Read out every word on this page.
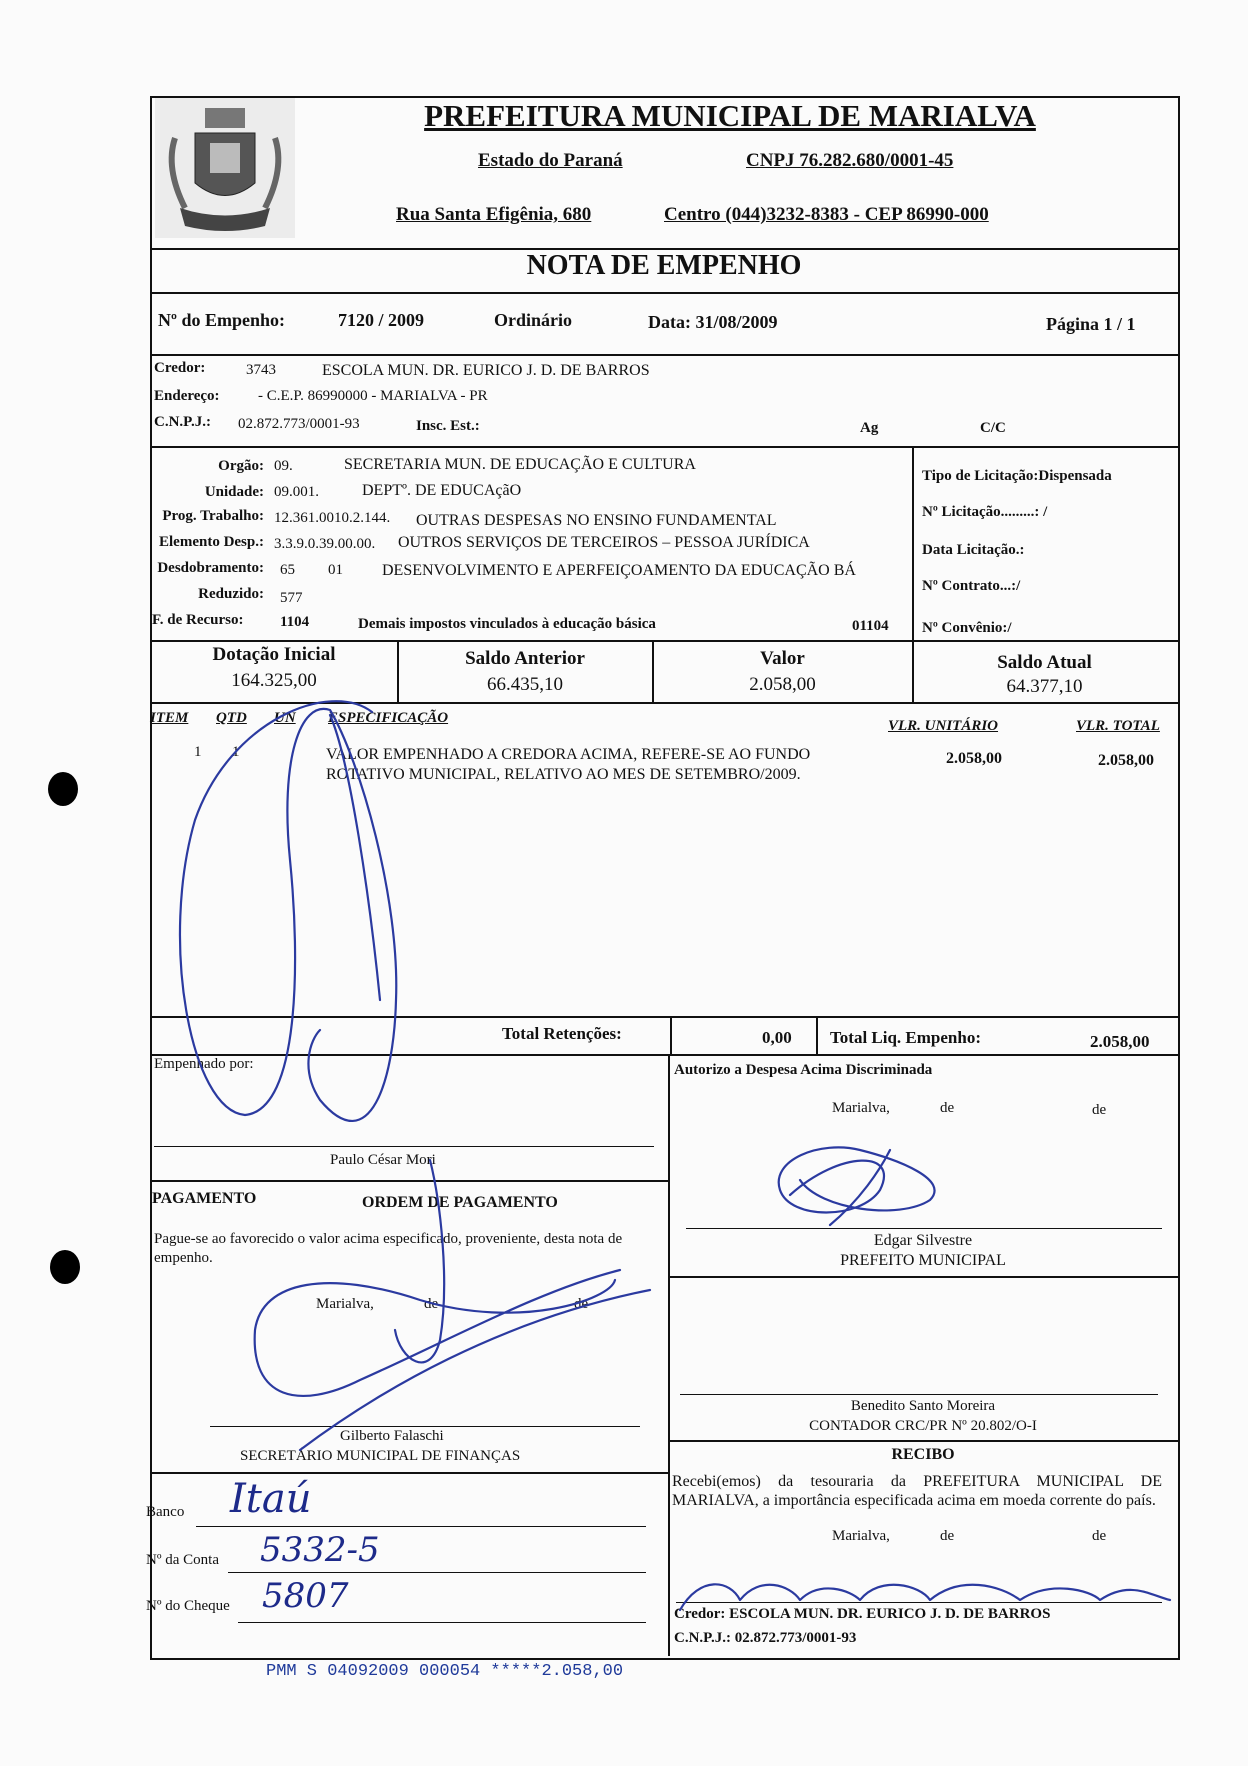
PREFEITURA MUNICIPAL DE MARIALVA
Estado do Paraná	CNPJ 76.282.680/0001-45
Rua Santa Efigênia, 680	Centro (044)3232-8383 - CEP 86990-000
NOTA DE EMPENHO
Nº do Empenho:	7120 / 2009	Ordinário	Data: 31/08/2009	Página 1 / 1
Credor:	3743	ESCOLA MUN. DR. EURICO J. D. DE BARROS
Endereço:	- C.E.P. 86990000 - MARIALVA - PR
C.N.P.J.: 02.872.773/0001-93	Insc. Est.:	Ag	C/C
Orgão: 09.	SECRETARIA MUN. DE EDUCAÇÃO E CULTURA
Unidade: 09.001.	DEPTº. DE EDUCAçãO
Prog. Trabalho: 12.361.0010.2.144. OUTRAS DESPESAS NO ENSINO FUNDAMENTAL
Elemento Desp.: 3.3.9.0.39.00.00. OUTROS SERVIÇOS DE TERCEIROS – PESSOA JURÍDICA
Desdobramento: 65 01 DESENVOLVIMENTO E APERFEIÇOAMENTO DA EDUCAÇÃO BÁ
Reduzido: 577
F. de Recurso: 1104	Demais impostos vinculados à educação básica	01104
Tipo de Licitação:Dispensada
Nº Licitação.........: /
Data Licitação.:
Nº Contrato...:/
Nº Convênio:/
Dotação Inicial
164.325,00
Saldo Anterior
66.435,10
Valor
2.058,00
Saldo Atual
64.377,10
ITEM QTD UN ESPECIFICAÇÃO	VLR. UNITÁRIO	VLR. TOTAL
1 1	VALOR EMPENHADO A CREDORA ACIMA, REFERE-SE AO FUNDO
ROTATIVO MUNICIPAL, RELATIVO AO MES DE SETEMBRO/2009.
2.058,00	2.058,00
Total Retenções:	0,00 Total Liq. Empenho:	2.058,00
Empenhado por:
Paulo César Mori
PAGAMENTO	ORDEM DE PAGAMENTO
Pague-se ao favorecido o valor acima especificado, proveniente, desta nota de empenho.
Marialva,	de	de
Gilberto Falaschi
SECRETÁRIO MUNICIPAL DE FINANÇAS
Banco Itaú
Nº da Conta 5332-5
Nº do Cheque 5807
Autorizo a Despesa Acima Discriminada
Marialva,	de	de
Edgar Silvestre
PREFEITO MUNICIPAL
Benedito Santo Moreira
CONTADOR CRC/PR Nº 20.802/O-I
RECIBO
Recebi(emos) da tesouraria da PREFEITURA MUNICIPAL DE MARIALVA, a importância especificada acima em moeda corrente do país.
Marialva,	de	de
Credor: ESCOLA MUN. DR. EURICO J. D. DE BARROS
C.N.P.J.: 02.872.773/0001-93
PMM S 04092009 000054 *****2.058,00
